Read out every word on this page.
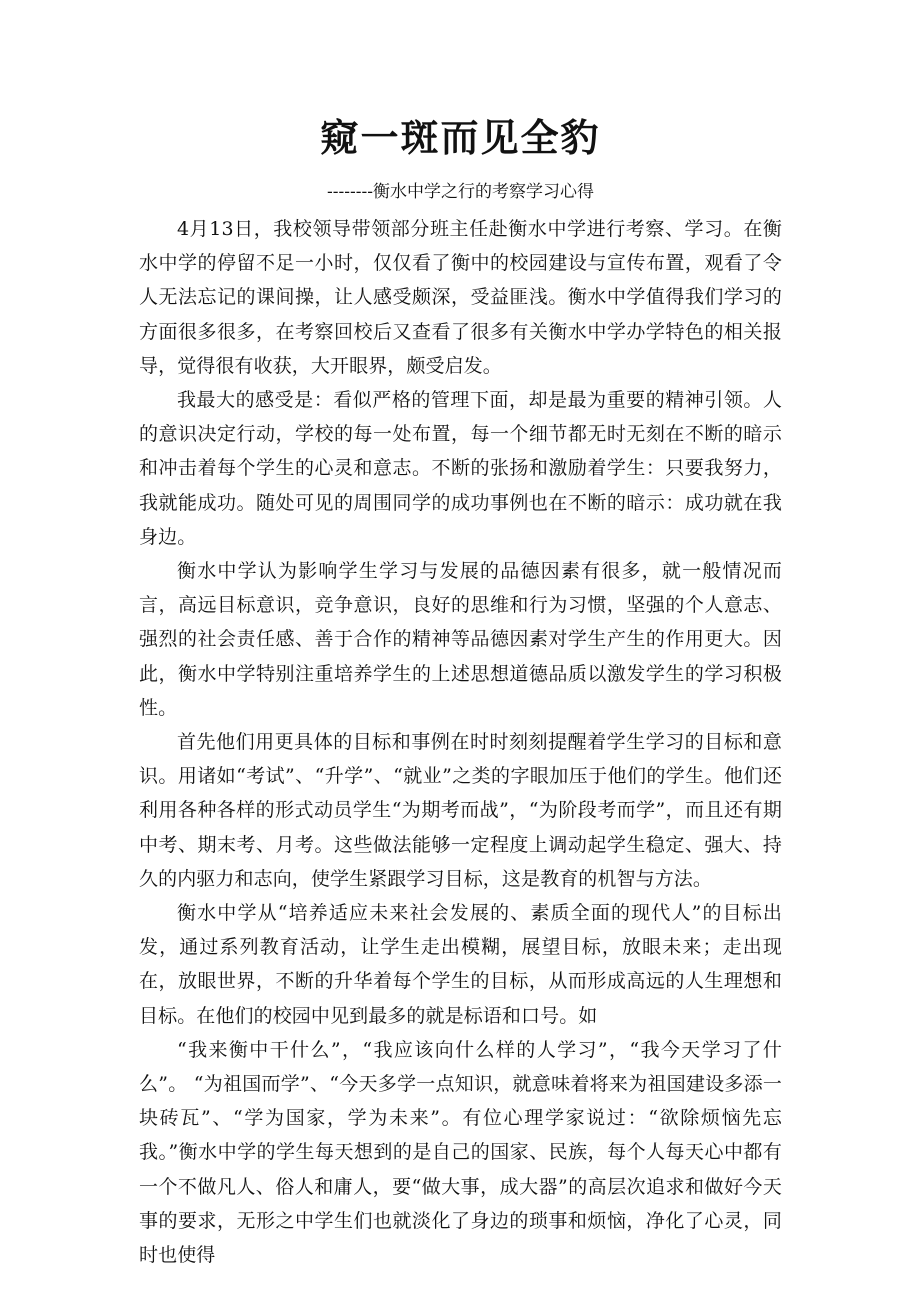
窥一斑而见全豹
--------衡水中学之行的考察学习心得

4月13日，我校领导带领部分班主任赴衡水中学进行考察、学习。在衡水中学的停留不足一小时，仅仅看了衡中的校园建设与宣传布置，观看了令人无法忘记的课间操，让人感受颇深，受益匪浅。衡水中学值得我们学习的方面很多很多，在考察回校后又查看了很多有关衡水中学办学特色的相关报导，觉得很有收获，大开眼界，颇受启发。

我最大的感受是：看似严格的管理下面，却是最为重要的精神引领。人的意识决定行动，学校的每一处布置，每一个细节都无时无刻在不断的暗示和冲击着每个学生的心灵和意志。不断的张扬和激励着学生：只要我努力，我就能成功。随处可见的周围同学的成功事例也在不断的暗示：成功就在我身边。

衡水中学认为影响学生学习与发展的品德因素有很多，就一般情况而言，高远目标意识，竞争意识，良好的思维和行为习惯，坚强的个人意志、强烈的社会责任感、善于合作的精神等品德因素对学生产生的作用更大。因此，衡水中学特别注重培养学生的上述思想道德品质以激发学生的学习积极性。

首先他们用更具体的目标和事例在时时刻刻提醒着学生学习的目标和意识。用诸如“考试”、“升学”、“就业”之类的字眼加压于他们的学生。他们还利用各种各样的形式动员学生“为期考而战”，“为阶段考而学”，而且还有期中考、期末考、月考。这些做法能够一定程度上调动起学生稳定、强大、持久的内驱力和志向，使学生紧跟学习目标，这是教育的机智与方法。

衡水中学从“培养适应未来社会发展的、素质全面的现代人”的目标出发，通过系列教育活动，让学生走出模糊，展望目标，放眼未来；走出现在，放眼世界，不断的升华着每个学生的目标，从而形成高远的人生理想和目标。在他们的校园中见到最多的就是标语和口号。如

“我来衡中干什么”，“我应该向什么样的人学习”，“我今天学习了什么”。 “为祖国而学”、“今天多学一点知识，就意味着将来为祖国建设多添一块砖瓦”、“学为国家，学为未来”。有位心理学家说过：“欲除烦恼先忘我。”衡水中学的学生每天想到的是自己的国家、民族，每个人每天心中都有一个不做凡人、俗人和庸人，要“做大事，成大器”的高层次追求和做好今天事的要求，无形之中学生们也就淡化了身边的琐事和烦恼，净化了心灵，同时也使得
